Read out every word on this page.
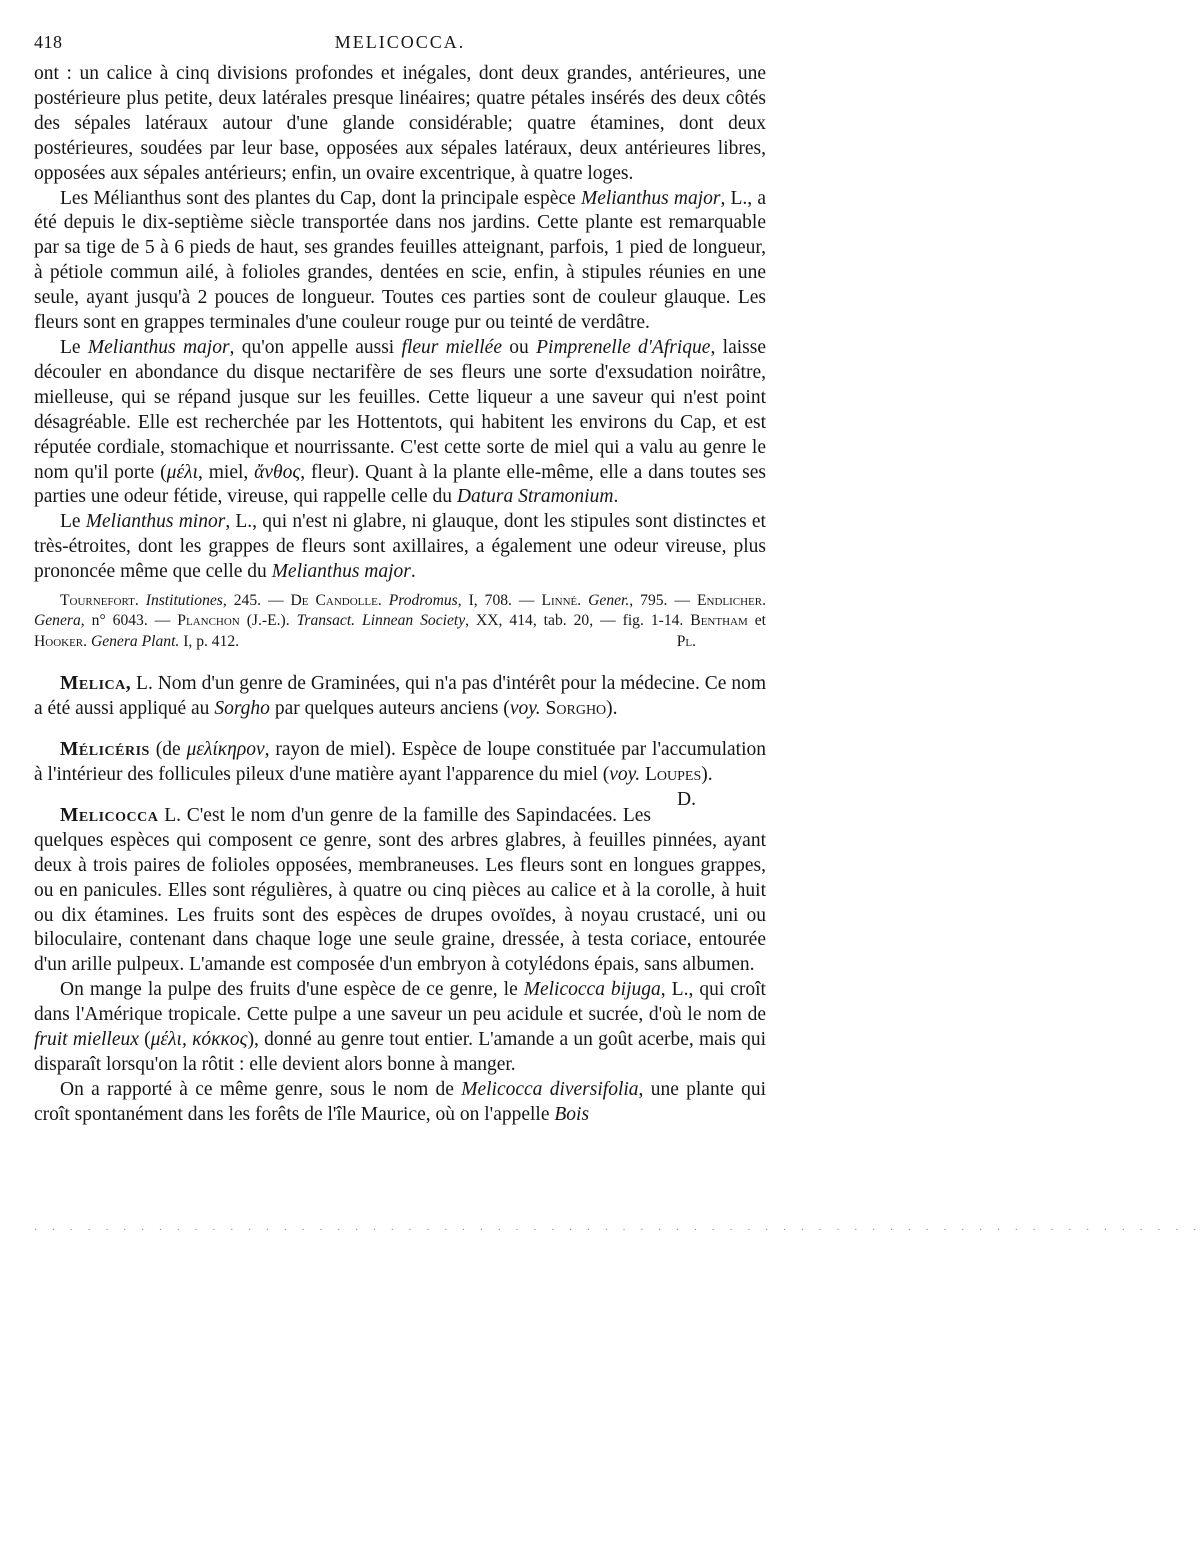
418	MELICOCCA.

ont : un calice à cinq divisions profondes et inégales, dont deux grandes, antérieures, une postérieure plus petite, deux latérales presque linéaires; quatre pétales insérés des deux côtés des sépales latéraux autour d'une glande considérable; quatre étamines, dont deux postérieures, soudées par leur base, opposées aux sépales latéraux, deux antérieures libres, opposées aux sépales antérieurs; enfin, un ovaire excentrique, à quatre loges.

Les Mélianthus sont des plantes du Cap, dont la principale espèce Melianthus major, L., a été depuis le dix-septième siècle transportée dans nos jardins. Cette plante est remarquable par sa tige de 5 à 6 pieds de haut, ses grandes feuilles atteignant, parfois, 1 pied de longueur, à pétiole commun ailé, à folioles grandes, dentées en scie, enfin, à stipules réunies en une seule, ayant jusqu'à 2 pouces de longueur. Toutes ces parties sont de couleur glauque. Les fleurs sont en grappes terminales d'une couleur rouge pur ou teinté de verdâtre.

Le Melianthus major, qu'on appelle aussi fleur miellée ou Pimprenelle d'Afrique, laisse découler en abondance du disque nectarifère de ses fleurs une sorte d'exsudation noirâtre, mielleuse, qui se répand jusque sur les feuilles. Cette liqueur a une saveur qui n'est point désagréable. Elle est recherchée par les Hottentots, qui habitent les environs du Cap, et est réputée cordiale, stomachique et nourrissante. C'est cette sorte de miel qui a valu au genre le nom qu'il porte (μέλι, miel, ἄνθος, fleur). Quant à la plante elle-même, elle a dans toutes ses parties une odeur fétide, vireuse, qui rappelle celle du Datura Stramonium.

Le Melianthus minor, L., qui n'est ni glabre, ni glauque, dont les stipules sont distinctes et très-étroites, dont les grappes de fleurs sont axillaires, a également une odeur vireuse, plus prononcée même que celle du Melianthus major.

Tournefort. Institutiones, 245. — De Candolle. Prodromus, I, 708. — Linné. Gener., 795. — Endlicher. Genera, n° 6043. — Planchon (J.-E.). Transact. Linnean Society, XX, 414, tab. 20, — fig. 1-14. Bentham et Hooker. Genera Plant. I, p. 412.	Pl.

Melica, L. Nom d'un genre de Graminées, qui n'a pas d'intérêt pour la médecine. Ce nom a été aussi appliqué au Sorgho par quelques auteurs anciens (voy. Sorgho).

Mélicéris (de μελίκηρον, rayon de miel). Espèce de loupe constituée par l'accumulation à l'intérieur des follicules pileux d'une matière ayant l'apparence du miel (voy. Loupes).
D.

Melicocca L. C'est le nom d'un genre de la famille des Sapindacées. Les quelques espèces qui composent ce genre, sont des arbres glabres, à feuilles pinnées, ayant deux à trois paires de folioles opposées, membraneuses. Les fleurs sont en longues grappes, ou en panicules. Elles sont régulières, à quatre ou cinq pièces au calice et à la corolle, à huit ou dix étamines. Les fruits sont des espèces de drupes ovoïdes, à noyau crustacé, uni ou biloculaire, contenant dans chaque loge une seule graine, dressée, à testa coriace, entourée d'un arille pulpeux. L'amande est composée d'un embryon à cotylédons épais, sans albumen.

On mange la pulpe des fruits d'une espèce de ce genre, le Melicocca bijuga, L., qui croît dans l'Amérique tropicale. Cette pulpe a une saveur un peu acidule et sucrée, d'où le nom de fruit mielleux (μέλι, κόκκος), donné au genre tout entier. L'amande a un goût acerbe, mais qui disparaît lorsqu'on la rôtit : elle devient alors bonne à manger.

On a rapporté à ce même genre, sous le nom de Melicocca diversifolia, une plante qui croît spontanément dans les forêts de l'île Maurice, où on l'appelle Bois

· · · · · · · · · · · · · · · · · · · · · · · · · · · · · · · · · · · · · · · · · · · · · · · · · · · · · · · · · · · · · · · · · ·
